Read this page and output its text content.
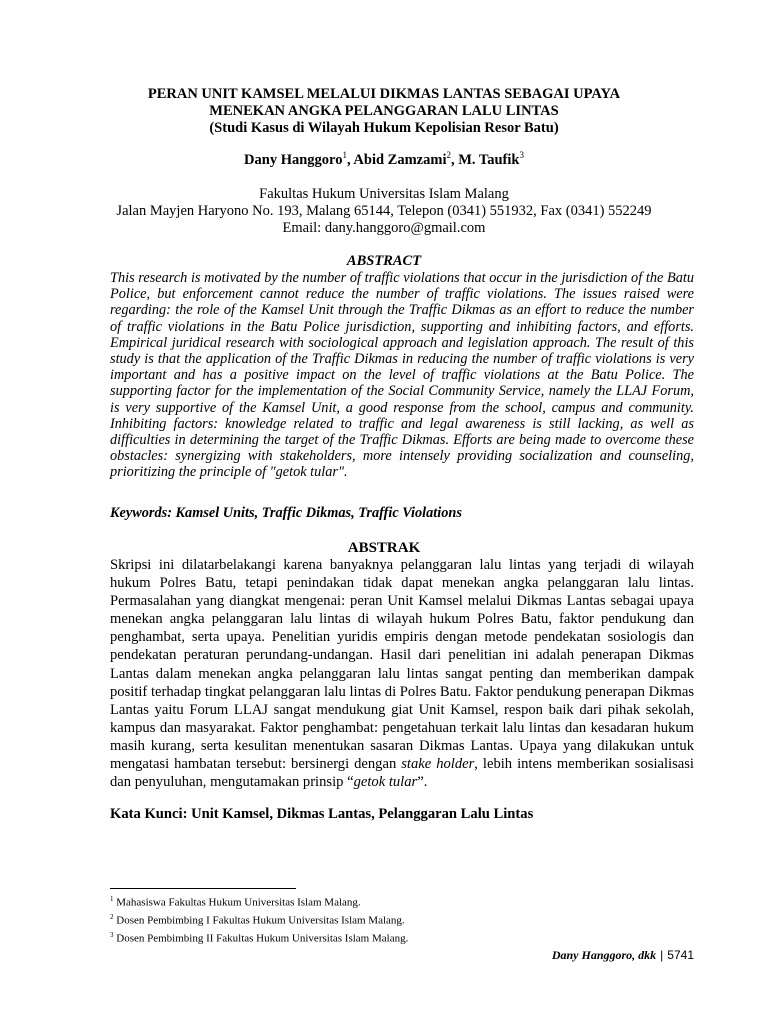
PERAN UNIT KAMSEL MELALUI DIKMAS LANTAS SEBAGAI UPAYA
MENEKAN ANGKA PELANGGARAN LALU LINTAS
(Studi Kasus di Wilayah Hukum Kepolisian Resor Batu)
Dany Hanggoro$^1$, Abid Zamzami$^2$, M. Taufik$^3$
Fakultas Hukum Universitas Islam Malang
Jalan Mayjen Haryono No. 193, Malang 65144, Telepon (0341) 551932, Fax (0341) 552249
Email: dany.hanggoro@gmail.com
ABSTRACT

This research is motivated by the number of traffic violations that occur in the jurisdiction of the Batu Police, but enforcement cannot reduce the number of traffic violations. The issues raised were regarding: the role of the Kamsel Unit through the Traffic Dikmas as an effort to reduce the number of traffic violations in the Batu Police jurisdiction, supporting and inhibiting factors, and efforts. Empirical juridical research with sociological approach and legislation approach. The result of this study is that the application of the Traffic Dikmas in reducing the number of traffic violations is very important and has a positive impact on the level of traffic violations at the Batu Police. The supporting factor for the implementation of the Social Community Service, namely the LLAJ Forum, is very supportive of the Kamsel Unit, a good response from the school, campus and community. Inhibiting factors: knowledge related to traffic and legal awareness is still lacking, as well as difficulties in determining the target of the Traffic Dikmas. Efforts are being made to overcome these obstacles: synergizing with stakeholders, more intensely providing socialization and counseling, prioritizing the principle of "getok tular".

Keywords: Kamsel Units, Traffic Dikmas, Traffic Violations
ABSTRAK

Skripsi ini dilatarbelakangi karena banyaknya pelanggaran lalu lintas yang terjadi di wilayah hukum Polres Batu, tetapi penindakan tidak dapat menekan angka pelanggaran lalu lintas. Permasalahan yang diangkat mengenai: peran Unit Kamsel melalui Dikmas Lantas sebagai upaya menekan angka pelanggaran lalu lintas di wilayah hukum Polres Batu, faktor pendukung dan penghambat, serta upaya. Penelitian yuridis empiris dengan metode pendekatan sosiologis dan pendekatan peraturan perundang-undangan. Hasil dari penelitian ini adalah penerapan Dikmas Lantas dalam menekan angka pelanggaran lalu lintas sangat penting dan memberikan dampak positif terhadap tingkat pelanggaran lalu lintas di Polres Batu. Faktor pendukung penerapan Dikmas Lantas yaitu Forum LLAJ sangat mendukung giat Unit Kamsel, respon baik dari pihak sekolah, kampus dan masyarakat. Faktor penghambat: pengetahuan terkait lalu lintas dan kesadaran hukum masih kurang, serta kesulitan menentukan sasaran Dikmas Lantas. Upaya yang dilakukan untuk mengatasi hambatan tersebut: bersinergi dengan stake holder, lebih intens memberikan sosialisasi dan penyuluhan, mengutamakan prinsip “getok tular”.

Kata Kunci: Unit Kamsel, Dikmas Lantas, Pelanggaran Lalu Lintas
$^1$ Mahasiswa Fakultas Hukum Universitas Islam Malang.
$^2$ Dosen Pembimbing I Fakultas Hukum Universitas Islam Malang.
$^3$ Dosen Pembimbing II Fakultas Hukum Universitas Islam Malang.
Dany Hanggoro, dkk | 5741
